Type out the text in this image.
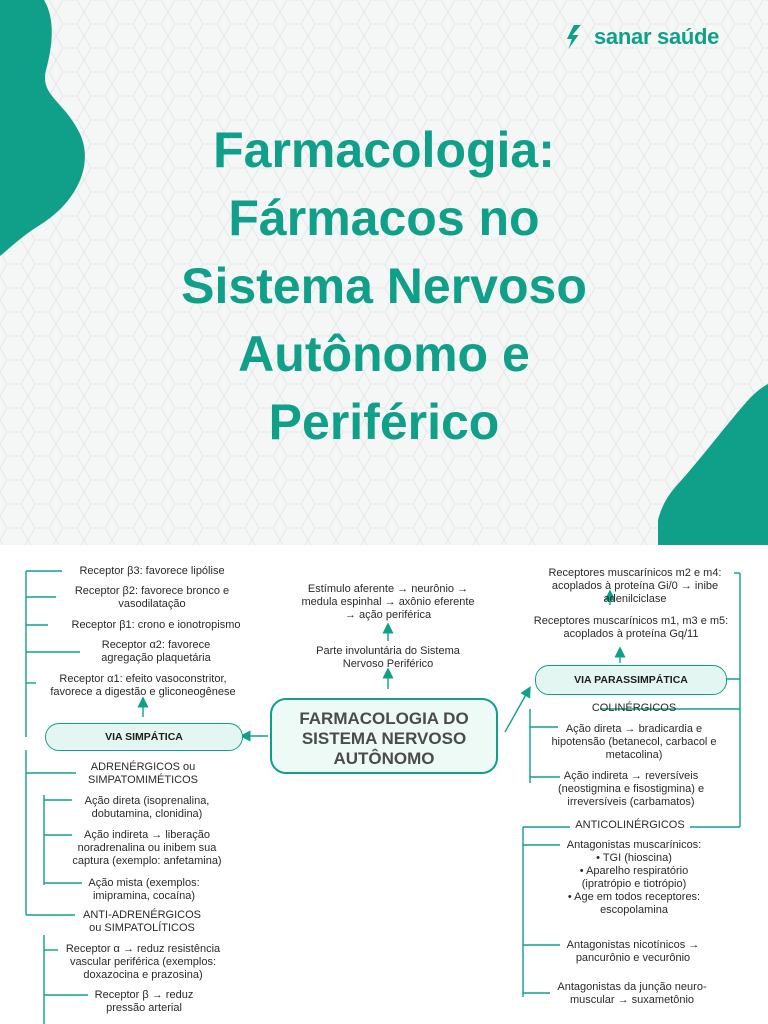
sanar saúde
Farmacologia:
Fármacos no
Sistema Nervoso
Autônomo e
Periférico
FARMACOLOGIA DO
SISTEMA NERVOSO
AUTÔNOMO
Estímulo aferente → neurônio →
medula espinhal → axônio eferente
→ ação periférica
Parte involuntária do Sistema
Nervoso Periférico
Receptor β3: favorece lipólise
Receptor β2: favorece bronco e
vasodilatação
Receptor β1: crono e ionotropismo
Receptor α2: favorece
agregação plaquetária
Receptor α1: efeito vasoconstritor,
favorece a digestão e gliconeogênese
VIA SIMPÁTICA
ADRENÉRGICOS ou
SIMPATOMIMÉTICOS
Ação direta (isoprenalina,
dobutamina, clonidina)
Ação indireta → liberação
noradrenalina ou inibem sua
captura (exemplo: anfetamina)
Ação mista (exemplos:
imipramina, cocaína)
ANTI-ADRENÉRGICOS
ou SIMPATOLÍTICOS
Receptor α → reduz resistência
vascular periférica (exemplos:
doxazocina e prazosina)
Receptor β → reduz
pressão arterial
Receptores muscarínicos m2 e m4:
acoplados à proteína Gi/0 → inibe
adenilciclase
Receptores muscarínicos m1, m3 e m5:
acoplados à proteína Gq/11
VIA PARASSIMPÁTICA
COLINÉRGICOS
Ação direta → bradicardia e
hipotensão (betanecol, carbacol e
metacolina)
Ação indireta → reversíveis
(neostigmina e fisostigmina) e
irreversíveis (carbamatos)
ANTICOLINÉRGICOS
Antagonistas muscarínicos:
• TGI (hioscina)
• Aparelho respiratório
(ipratrópio e tiotrópio)
• Age em todos receptores:
escopolamina
Antagonistas nicotínicos →
pancurônio e vecurônio
Antagonistas da junção neuro-
muscular → suxametônio
